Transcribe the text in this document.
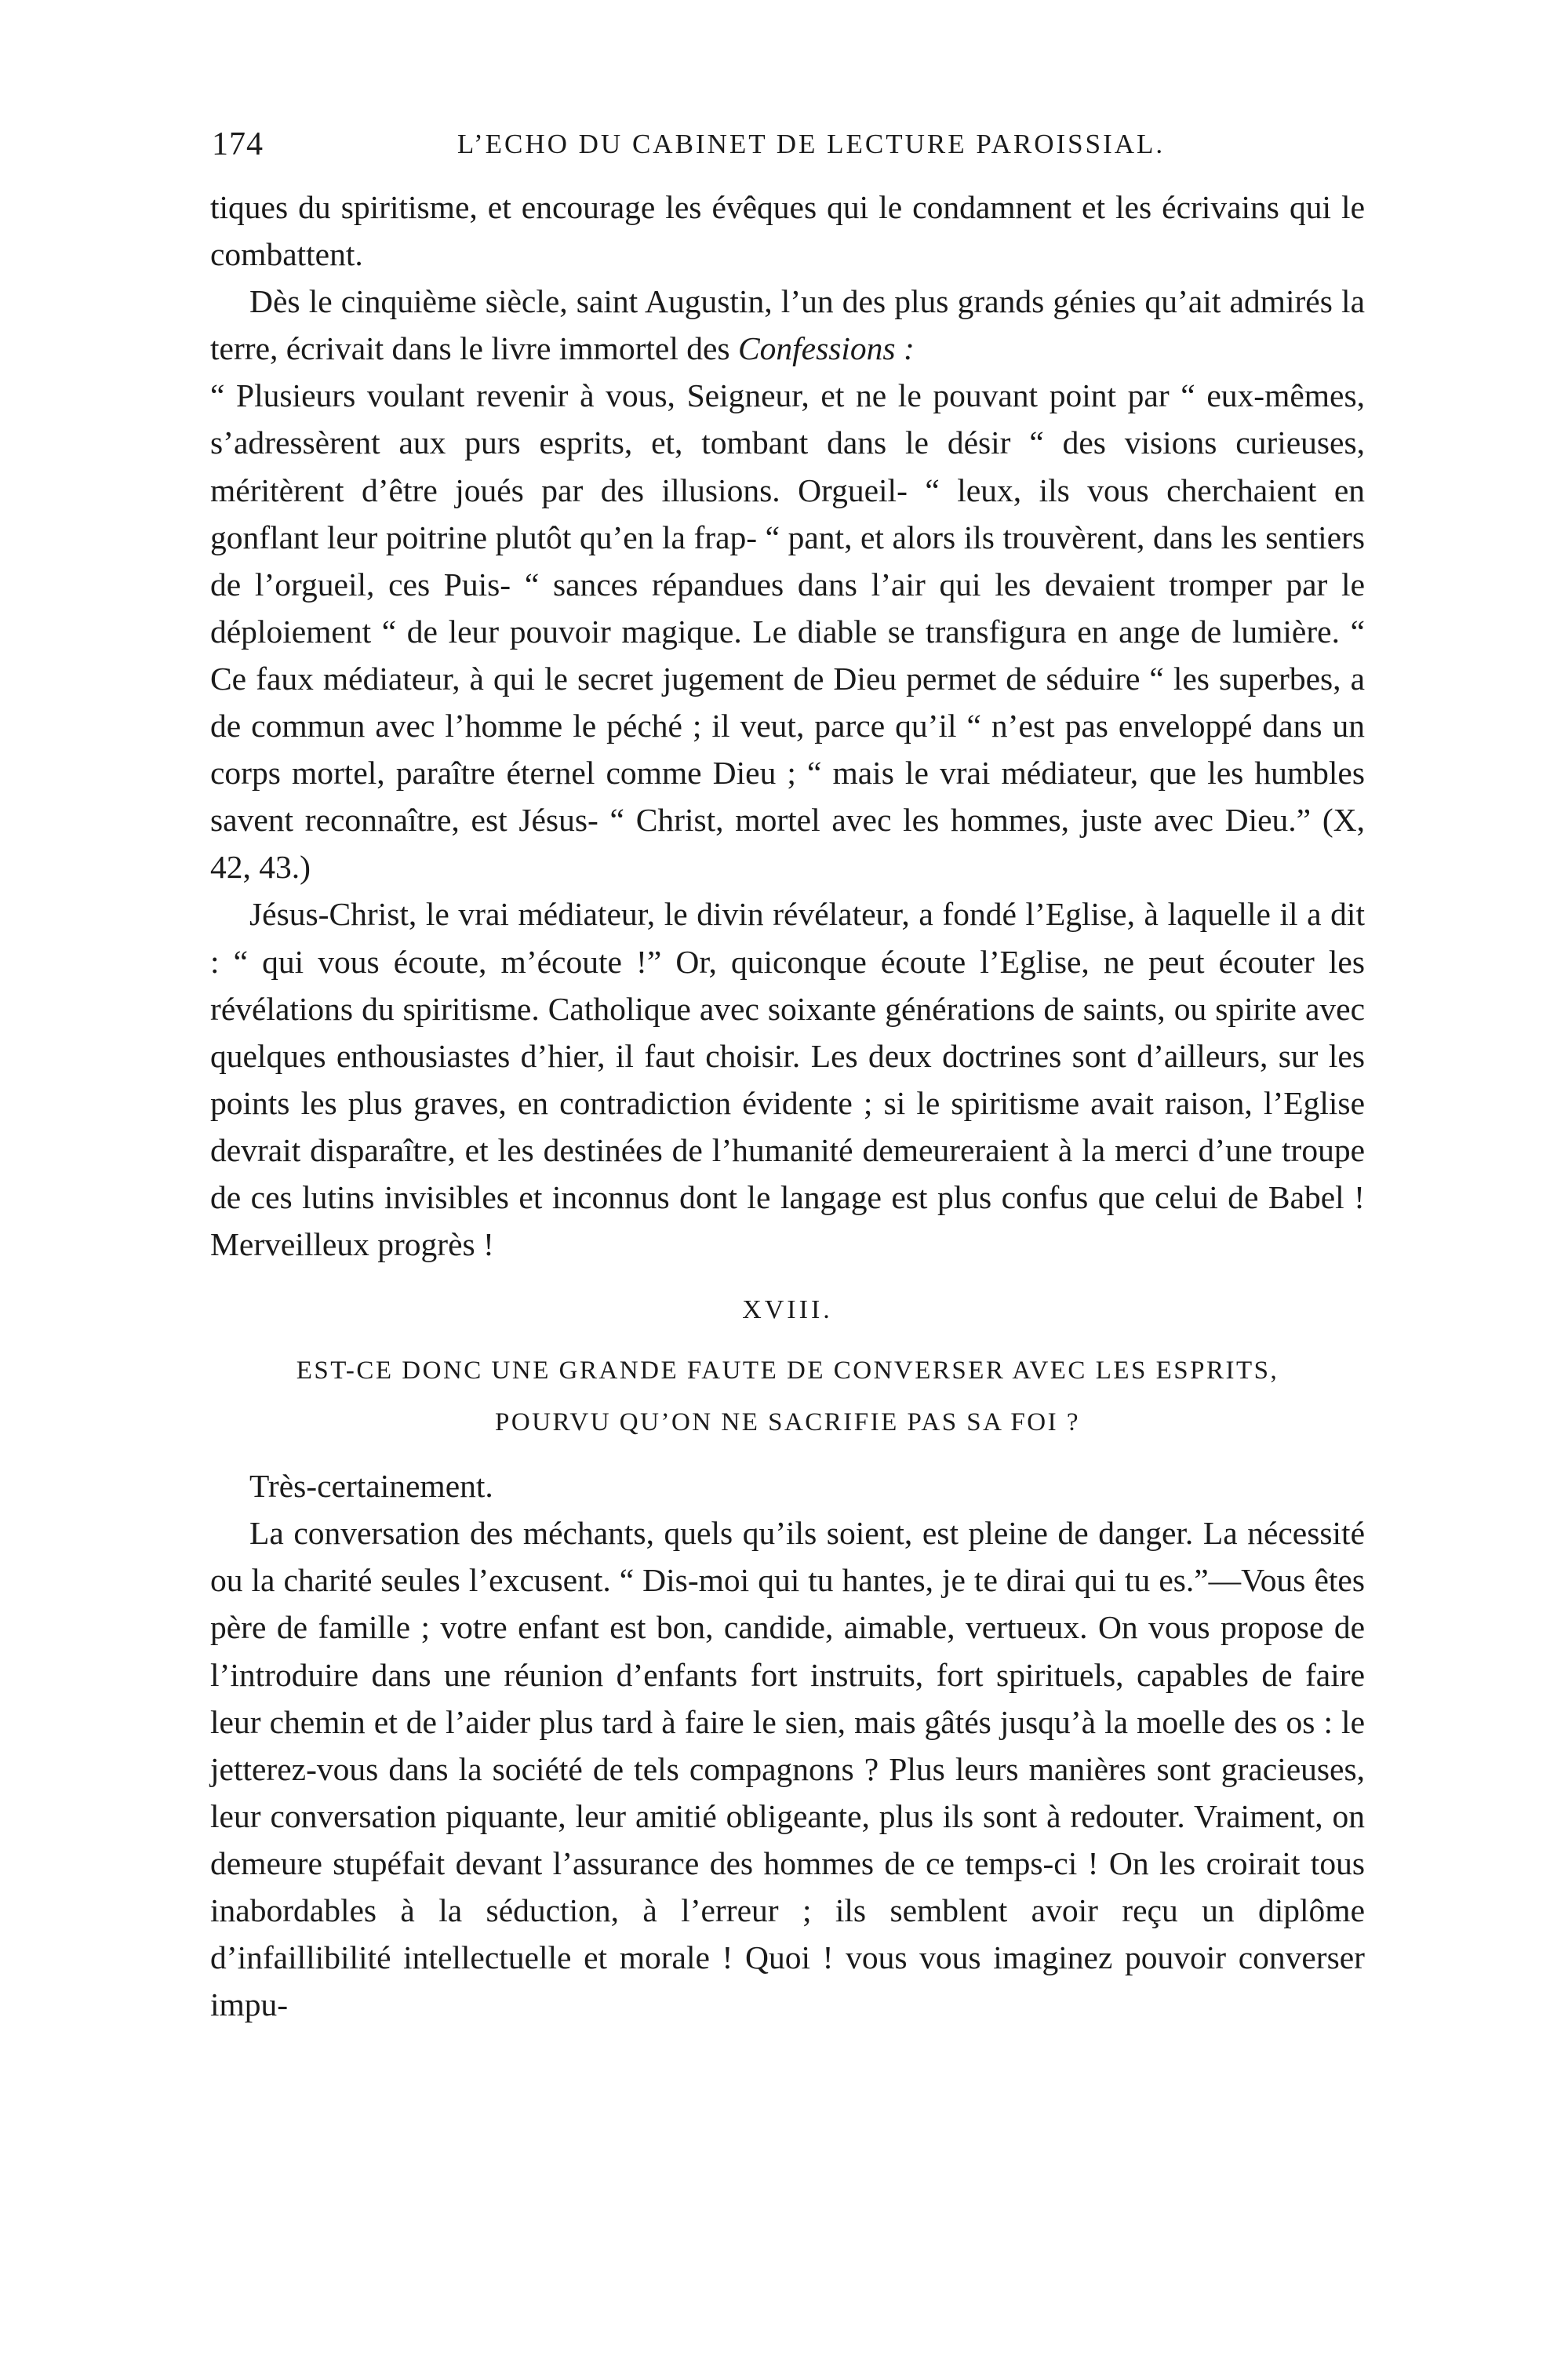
174	L’ECHO DU CABINET DE LECTURE PAROISSIAL.

tiques du spiritisme, et encourage les évêques qui le condamnent et les écrivains qui le combattent.

Dès le cinquième siècle, saint Augustin, l’un des plus grands génies qu’ait admirés la terre, écrivait dans le livre immortel des Confessions :

“ Plusieurs voulant revenir à vous, Seigneur, et ne le pouvant point par “ eux-mêmes, s’adressèrent aux purs esprits, et, tombant dans le désir “ des visions curieuses, méritèrent d’être joués par des illusions. Orgueil- “ leux, ils vous cherchaient en gonflant leur poitrine plutôt qu’en la frap- “ pant, et alors ils trouvèrent, dans les sentiers de l’orgueil, ces Puis- “ sances répandues dans l’air qui les devaient tromper par le déploiement “ de leur pouvoir magique. Le diable se transfigura en ange de lumière. “ Ce faux médiateur, à qui le secret jugement de Dieu permet de séduire “ les superbes, a de commun avec l’homme le péché ; il veut, parce qu’il “ n’est pas enveloppé dans un corps mortel, paraître éternel comme Dieu ; “ mais le vrai médiateur, que les humbles savent reconnaître, est Jésus- “ Christ, mortel avec les hommes, juste avec Dieu.” (X, 42, 43.)

Jésus-Christ, le vrai médiateur, le divin révélateur, a fondé l’Eglise, à laquelle il a dit : “ qui vous écoute, m’écoute !” Or, quiconque écoute l’Eglise, ne peut écouter les révélations du spiritisme. Catholique avec soixante générations de saints, ou spirite avec quelques enthousiastes d’hier, il faut choisir. Les deux doctrines sont d’ailleurs, sur les points les plus graves, en contradiction évidente ; si le spiritisme avait raison, l’Eglise devrait disparaître, et les destinées de l’humanité demeureraient à la merci d’une troupe de ces lutins invisibles et inconnus dont le langage est plus confus que celui de Babel ! Merveilleux progrès !

XVIII.
EST-CE DONC UNE GRANDE FAUTE DE CONVERSER AVEC LES ESPRITS,
POURVU QU’ON NE SACRIFIE PAS SA FOI ?

Très-certainement.

La conversation des méchants, quels qu’ils soient, est pleine de danger. La nécessité ou la charité seules l’excusent. “ Dis-moi qui tu hantes, je te dirai qui tu es.”—Vous êtes père de famille ; votre enfant est bon, candide, aimable, vertueux. On vous propose de l’introduire dans une réunion d’enfants fort instruits, fort spirituels, capables de faire leur chemin et de l’aider plus tard à faire le sien, mais gâtés jusqu’à la moelle des os : le jetterez-vous dans la société de tels compagnons ? Plus leurs manières sont gracieuses, leur conversation piquante, leur amitié obligeante, plus ils sont à redouter. Vraiment, on demeure stupéfait devant l’assurance des hommes de ce temps-ci ! On les croirait tous inabordables à la séduction, à l’erreur ; ils semblent avoir reçu un diplôme d’infaillibilité intellectuelle et morale ! Quoi ! vous vous imaginez pouvoir converser impu-
